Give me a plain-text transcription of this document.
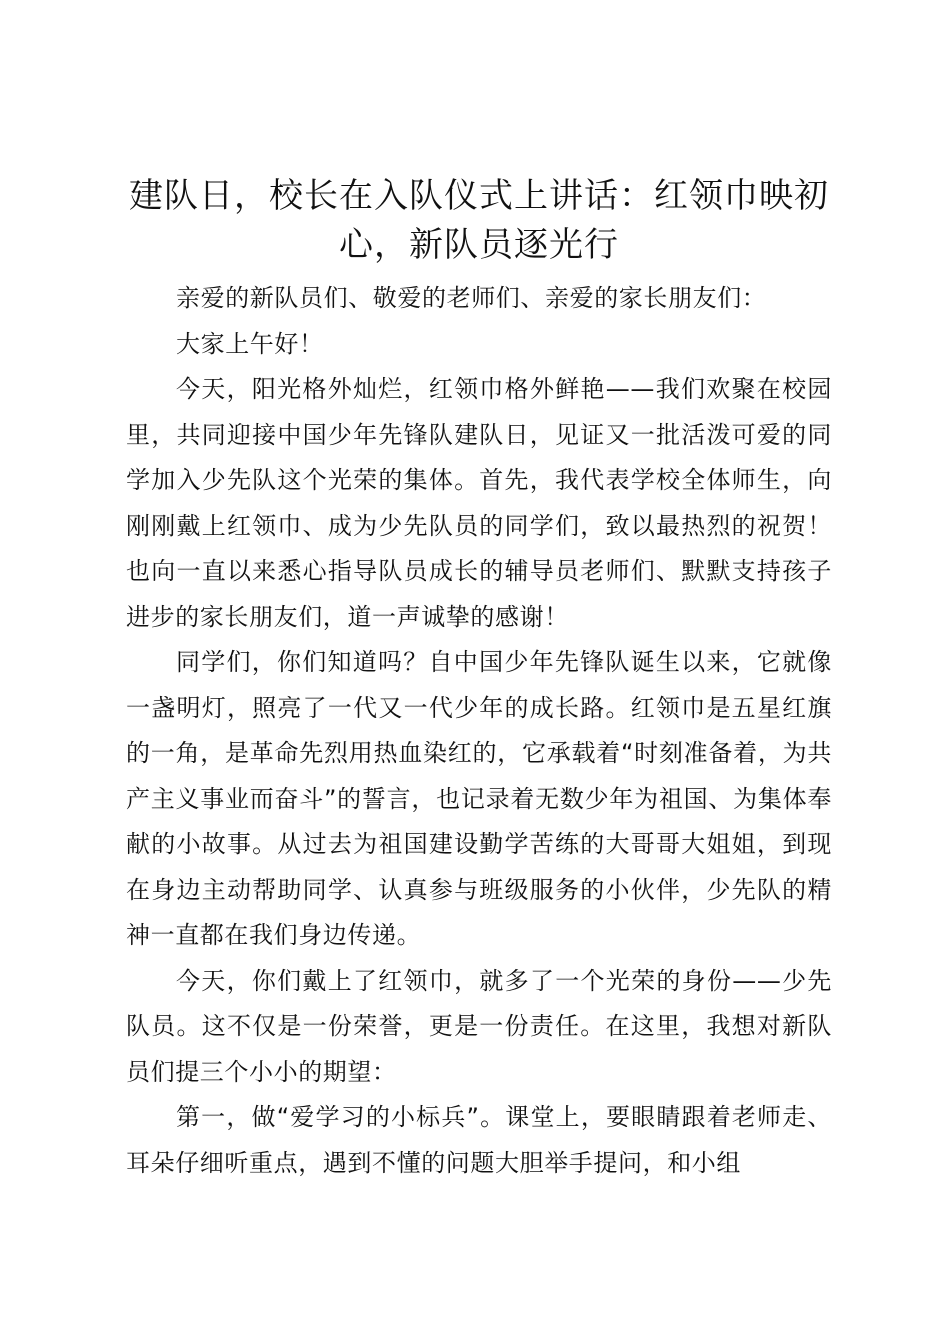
建队日，校长在入队仪式上讲话：红领巾映初心，新队员逐光行

亲爱的新队员们、敬爱的老师们、亲爱的家长朋友们：

大家上午好！

今天，阳光格外灿烂，红领巾格外鲜艳——我们欢聚在校园里，共同迎接中国少年先锋队建队日，见证又一批活泼可爱的同学加入少先队这个光荣的集体。首先，我代表学校全体师生，向刚刚戴上红领巾、成为少先队员的同学们，致以最热烈的祝贺！也向一直以来悉心指导队员成长的辅导员老师们、默默支持孩子进步的家长朋友们，道一声诚挚的感谢！

同学们，你们知道吗？自中国少年先锋队诞生以来，它就像一盏明灯，照亮了一代又一代少年的成长路。红领巾是五星红旗的一角，是革命先烈用热血染红的，它承载着“时刻准备着，为共产主义事业而奋斗”的誓言，也记录着无数少年为祖国、为集体奉献的小故事。从过去为祖国建设勤学苦练的大哥哥大姐姐，到现在身边主动帮助同学、认真参与班级服务的小伙伴，少先队的精神一直都在我们身边传递。

今天，你们戴上了红领巾，就多了一个光荣的身份——少先队员。这不仅是一份荣誉，更是一份责任。在这里，我想对新队员们提三个小小的期望：

第一，做“爱学习的小标兵”。课堂上，要眼睛跟着老师走、耳朵仔细听重点，遇到不懂的问题大胆举手提问，和小组
